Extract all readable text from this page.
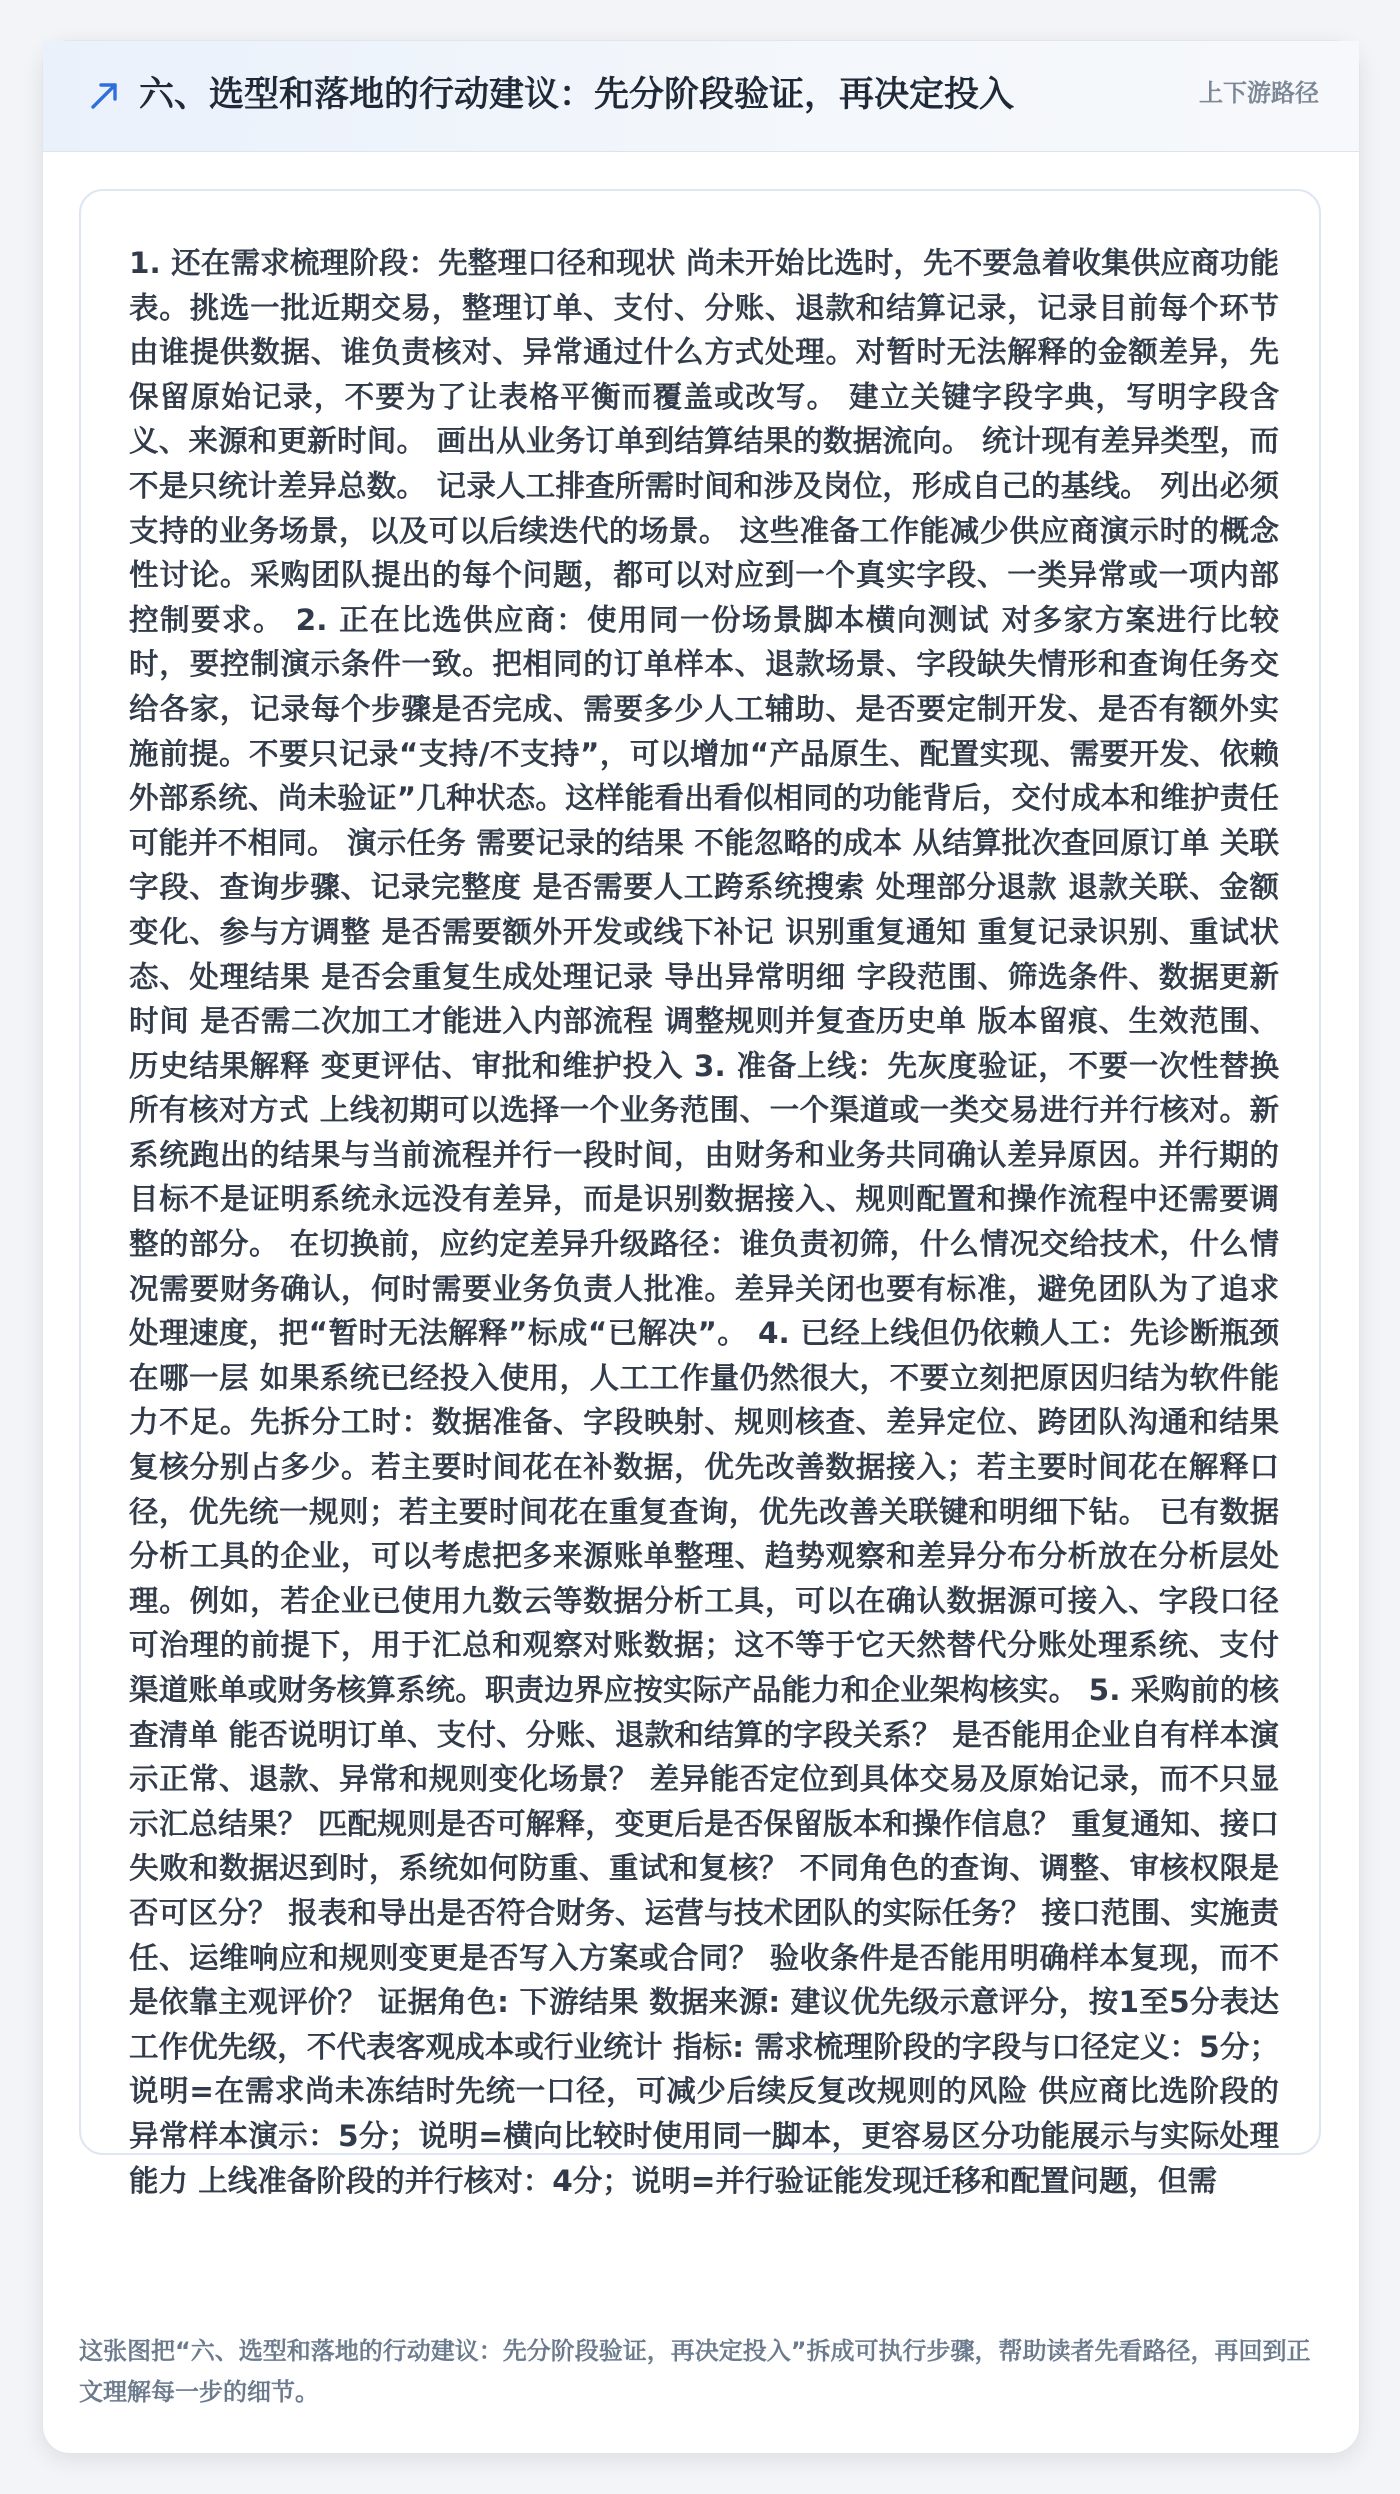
六、选型和落地的行动建议：先分阶段验证，再决定投入	上下游路径

1. 还在需求梳理阶段：先整理口径和现状 尚未开始比选时，先不要急着收集供应商功能表。挑选一批近期交易，整理订单、支付、分账、退款和结算记录，记录目前每个环节由谁提供数据、谁负责核对、异常通过什么方式处理。对暂时无法解释的金额差异，先保留原始记录，不要为了让表格平衡而覆盖或改写。 建立关键字段字典，写明字段含义、来源和更新时间。 画出从业务订单到结算结果的数据流向。 统计现有差异类型，而不是只统计差异总数。 记录人工排查所需时间和涉及岗位，形成自己的基线。 列出必须支持的业务场景，以及可以后续迭代的场景。 这些准备工作能减少供应商演示时的概念性讨论。采购团队提出的每个问题，都可以对应到一个真实字段、一类异常或一项内部控制要求。 2. 正在比选供应商：使用同一份场景脚本横向测试 对多家方案进行比较时，要控制演示条件一致。把相同的订单样本、退款场景、字段缺失情形和查询任务交给各家，记录每个步骤是否完成、需要多少人工辅助、是否要定制开发、是否有额外实施前提。不要只记录“支持/不支持”，可以增加“产品原生、配置实现、需要开发、依赖外部系统、尚未验证”几种状态。这样能看出看似相同的功能背后，交付成本和维护责任可能并不相同。 演示任务 需要记录的结果 不能忽略的成本 从结算批次查回原订单 关联字段、查询步骤、记录完整度 是否需要人工跨系统搜索 处理部分退款 退款关联、金额变化、参与方调整 是否需要额外开发或线下补记 识别重复通知 重复记录识别、重试状态、处理结果 是否会重复生成处理记录 导出异常明细 字段范围、筛选条件、数据更新时间 是否需二次加工才能进入内部流程 调整规则并复查历史单 版本留痕、生效范围、历史结果解释 变更评估、审批和维护投入 3. 准备上线：先灰度验证，不要一次性替换所有核对方式 上线初期可以选择一个业务范围、一个渠道或一类交易进行并行核对。新系统跑出的结果与当前流程并行一段时间，由财务和业务共同确认差异原因。并行期的目标不是证明系统永远没有差异，而是识别数据接入、规则配置和操作流程中还需要调整的部分。 在切换前，应约定差异升级路径：谁负责初筛，什么情况交给技术，什么情况需要财务确认，何时需要业务负责人批准。差异关闭也要有标准，避免团队为了追求处理速度，把“暂时无法解释”标成“已解决”。 4. 已经上线但仍依赖人工：先诊断瓶颈在哪一层 如果系统已经投入使用，人工工作量仍然很大，不要立刻把原因归结为软件能力不足。先拆分工时：数据准备、字段映射、规则核查、差异定位、跨团队沟通和结果复核分别占多少。若主要时间花在补数据，优先改善数据接入；若主要时间花在解释口径，优先统一规则；若主要时间花在重复查询，优先改善关联键和明细下钻。 已有数据分析工具的企业，可以考虑把多来源账单整理、趋势观察和差异分布分析放在分析层处理。例如，若企业已使用九数云等数据分析工具，可以在确认数据源可接入、字段口径可治理的前提下，用于汇总和观察对账数据；这不等于它天然替代分账处理系统、支付渠道账单或财务核算系统。职责边界应按实际产品能力和企业架构核实。 5. 采购前的核查清单 能否说明订单、支付、分账、退款和结算的字段关系？ 是否能用企业自有样本演示正常、退款、异常和规则变化场景？ 差异能否定位到具体交易及原始记录，而不只显示汇总结果？ 匹配规则是否可解释，变更后是否保留版本和操作信息？ 重复通知、接口失败和数据迟到时，系统如何防重、重试和复核？ 不同角色的查询、调整、审核权限是否可区分？ 报表和导出是否符合财务、运营与技术团队的实际任务？ 接口范围、实施责任、运维响应和规则变更是否写入方案或合同？ 验收条件是否能用明确样本复现，而不是依靠主观评价？ 证据角色: 下游结果 数据来源: 建议优先级示意评分，按1至5分表达工作优先级，不代表客观成本或行业统计 指标: 需求梳理阶段的字段与口径定义：5分；说明=在需求尚未冻结时先统一口径，可减少后续反复改规则的风险 供应商比选阶段的异常样本演示：5分；说明=横向比较时使用同一脚本，更容易区分功能展示与实际处理能力 上线准备阶段的并行核对：4分；说明=并行验证能发现迁移和配置问题，但需

这张图把“六、选型和落地的行动建议：先分阶段验证，再决定投入”拆成可执行步骤，帮助读者先看路径，再回到正文理解每一步的细节。
